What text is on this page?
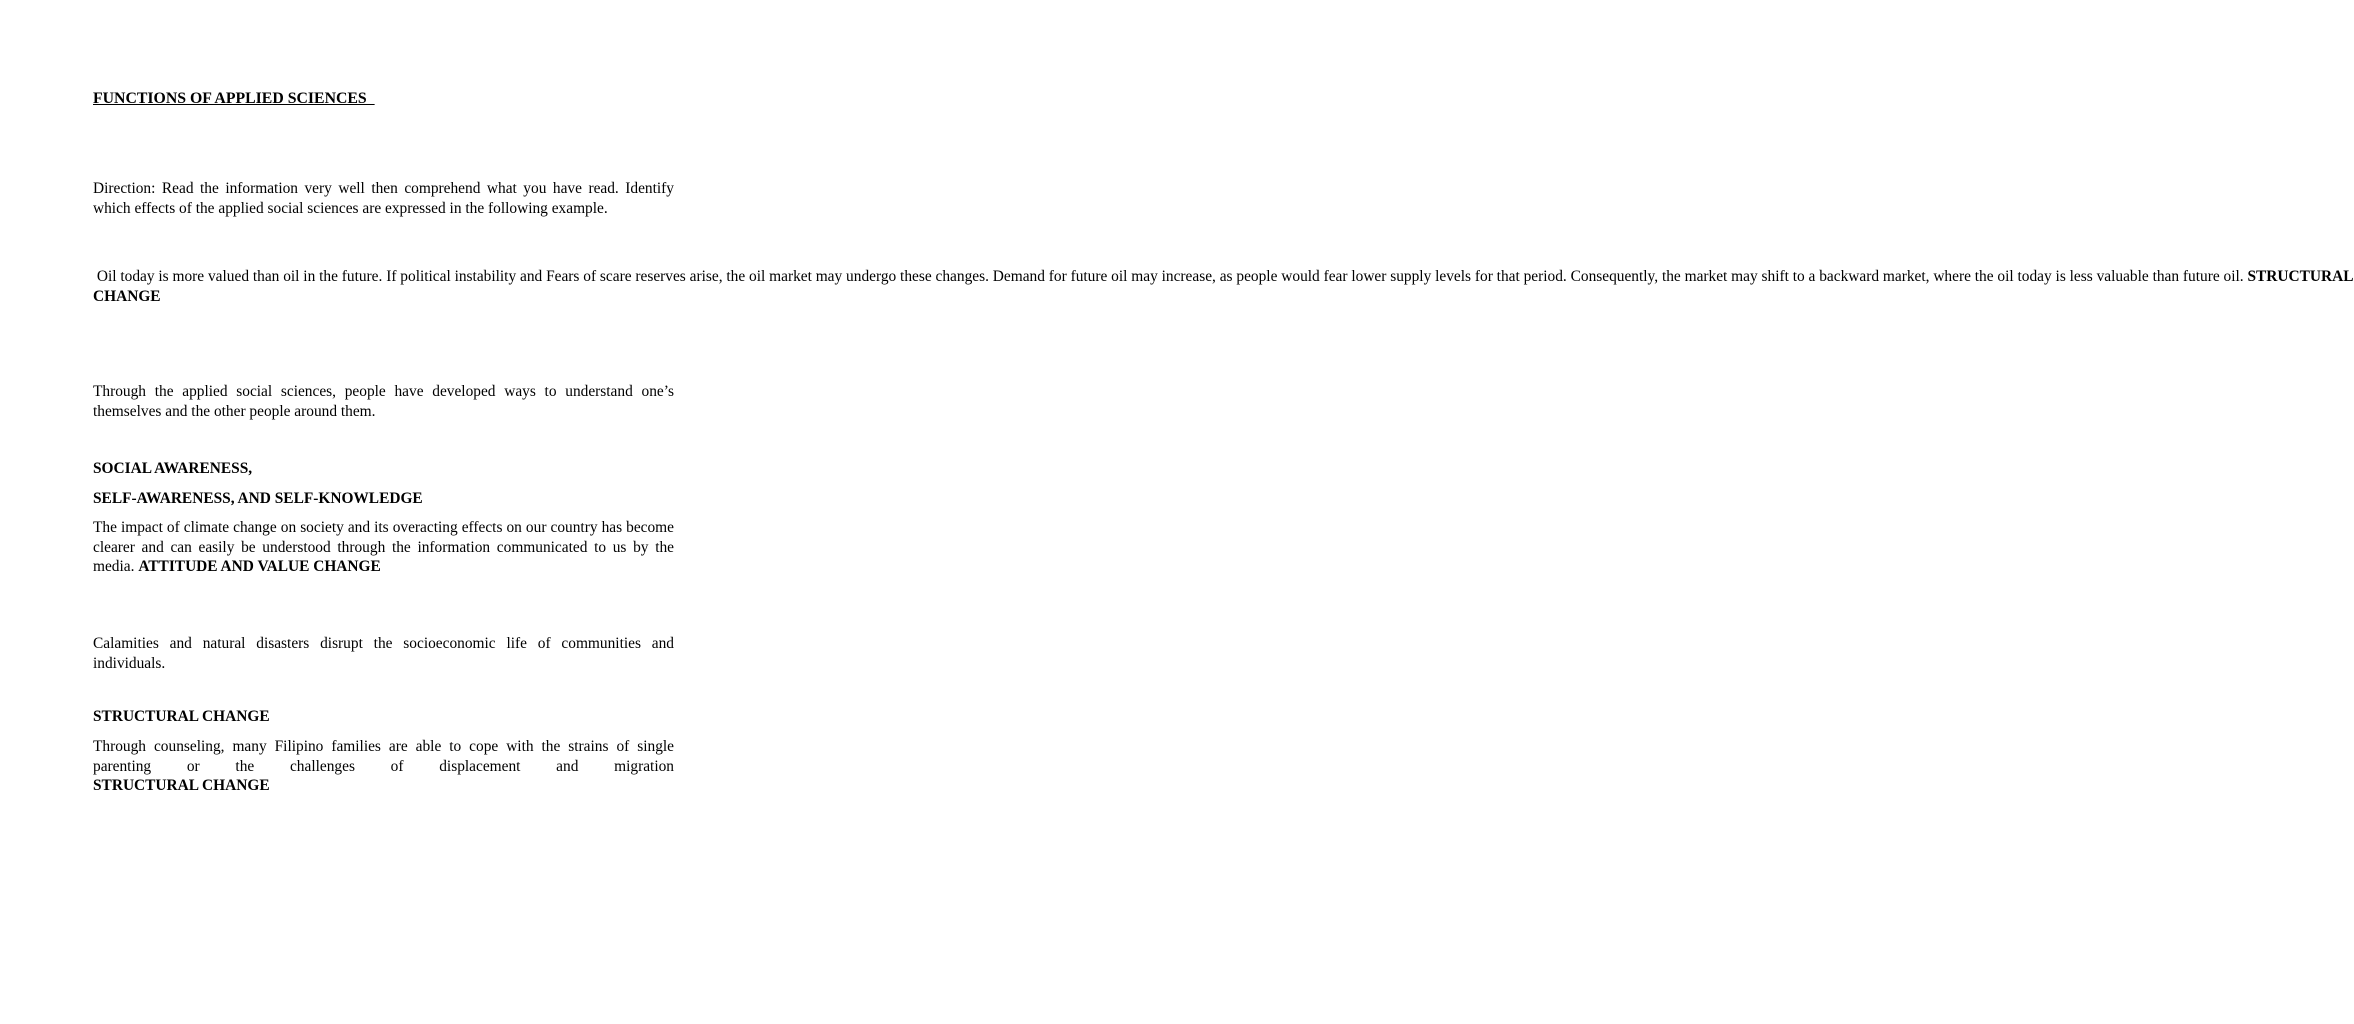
FUNCTIONS OF APPLIED SCIENCES

Direction: Read the information very well then comprehend what you have read. Identify which effects of the applied social sciences are expressed in the following example.

Oil today is more valued than oil in the future. If political instability and Fears of scare reserves arise, the oil market may undergo these changes. Demand for future oil may increase, as people would fear lower supply levels for that period. Consequently, the market may shift to a backward market, where the oil today is less valuable than future oil. STRUCTURAL CHANGE

Through the applied social sciences, people have developed ways to understand one’s themselves and the other people around them.

SOCIAL AWARENESS,

SELF-AWARENESS, AND SELF-KNOWLEDGE

The impact of climate change on society and its overacting effects on our country has become clearer and can easily be understood through the information communicated to us by the media. ATTITUDE AND VALUE CHANGE

Calamities and natural disasters disrupt the socioeconomic life of communities and individuals.

STRUCTURAL CHANGE

Through counseling, many Filipino families are able to cope with the strains of single parenting or the challenges of displacement and migration
STRUCTURAL CHANGE
